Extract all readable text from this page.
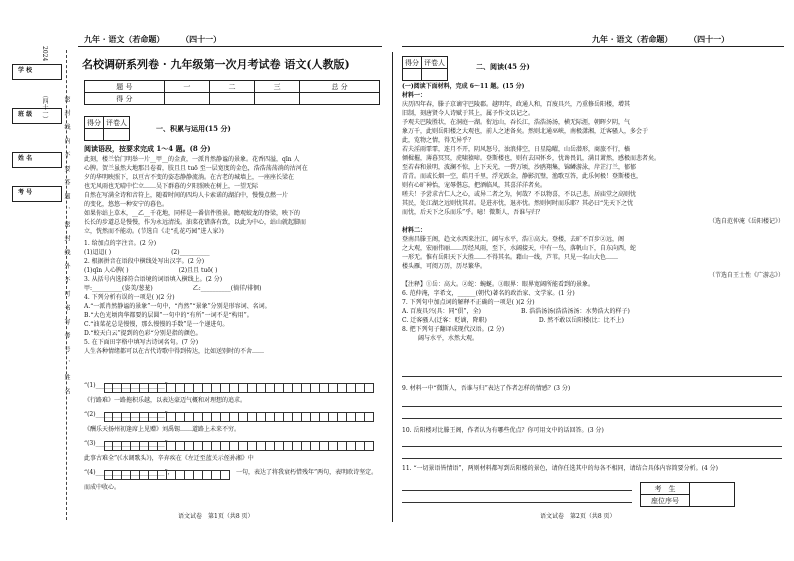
学 校
班 级
姓 名
考 号
2024
（四十一）	密 封 线 内 不 要 答 题 、 密 封 线 外 不 可 书 写 考 号 、 姓 名
九年 · 语文（若命题） （四十一）	九年 · 语文（若命题） （四十一）
名校调研系列卷 · 九年级第一次月考试卷 语文(人教版)
题 号	一	二	三	总 分
得 分				
得分	评卷人

一、积累与运用(15 分)
阅读语段，按要求完成 1～4 题。(8 分)
此刻，楼兰恰门明举一片__甲__的金黄，一派肖然静谧的景象。花香四溢，qīn 人
心脾。贺兰虽然大地那吕卷着，肢且且 tuō 至一层宽度的金色，浩浩荡荡淌的沽河在
夕的华明映照下，以亘古不变的姿态静静流淌。在古老的城墙上，一座座长梁在
也无风雨也无晴中伫立……吴下群暮的夕阳照映在树上，一望无际
自然在写满全诗和音符上，随着时间的四均人卡索诺的湖泊中，慢慢点燃一片
的变化，悠悠一种安宁的暮色。
如果你站上草木，__乙__千花地，同样是一番信件胜景。瞻观蛟龙的脊梁，映下的
长长的步道总是慢慢，作为永远清浅。油菜花错落有致，以此为中心，站山就起脚而
立，恍然而不能动。(节选自《走“孔花巧园”进人家》)
1. 给加点的字注音。(2 分)
(1)迢迢( )	(2)__________
2. 根据拼音在语段中横线处写出汉字。(2 分)
(1)qīn 人心脾( )	(2)且且 tuō( )
3. 从括号内选择符合语境的词语填入横线上。(2 分)
甲:__________(姿美/葱茏)	乙:__________(徜徉/徘徊)
4. 下列分析有误的一项是( )(2 分)
A.“一派肖然静谧的景象”一句中，“肖然”“景象”分别是形容词、名词。
B.“大色光顷肉华都要的层圆”一句中的“有所”一词不是“构用”。
C.“油菜花总是慢慢，那么慢慢的手数”是一个递进句。
D.“蛟天白云”提到的色彩“分别是指的颜色。
5. 在下面田字格中填写古诗词名句。(7 分)
人生各种情绪都可以在古代诗歌中得到传达，比如送别时的不舍……
“(1)_______________________”
《行路难》一路拖积乐越，以表达豪迈气概和对理想的追求。
“(2)_______________________”
《酬乐天扬州初逢席上见赠》刘禹锡……道路上未来不穷。
“(3)_______________________”
此事古难全”(《水调歌头》)，辛弃疾在《左迁至蓝关示侄孙湘》中
“(4)_______________________”，	一句，表达了将我衰朽惜残年”两句，表明欧诗坚定。
而成中收心。
语文试卷　第1页（共8 页）
得分	评卷人
		二、阅读(45 分)
(一)阅读下面材料，完成 6～11 题。(15 分)
材料一：
庆历四年春，滕子京谪守巴陵郡。越明年，政通人和，百废具兴，乃重修岳阳楼，增其
旧制，刻唐贤今人诗赋于其上，属予作文以记之。
予观夫巴陵胜状，在洞庭一湖。衔远山，吞长江，浩浩汤汤，横无际涯，朝晖夕阴，气
象万千，此则岳阳楼之大观也，前人之述备矣。然则北通巫峡，南极潇湘，迁客骚人，多会于
此，览物之情，得无异乎？
若夫淫雨霏霏，连月不开，阴风怒号，浊浪排空，日星隐曜，山岳潜形，商旅不行，樯
倾楫摧，薄暮冥冥，虎啸猿啼。登斯楼也，则有去国怀乡，忧谗畏讥，满目萧然，感极而悲者矣。
至若春和景明，波澜不惊，上下天光，一碧万顷，沙鸥翔集，锦鳞游泳，岸芷汀兰，郁郁
青青。而或长烟一空，皓月千里，浮光跃金，静影沉璧，渔歌互答，此乐何极！登斯楼也，
则有心旷神怡，宠辱偕忘，把酒临风，其喜洋洋者矣。
嗟夫！予尝求古仁人之心，或异二者之为，何哉？不以物喜，不以己悲，居庙堂之高则忧
其民，处江湖之远则忧其君。是进亦忧，退亦忧。然则何时而乐耶？其必曰“先天下之忧
而忧，后天下之乐而乐”乎。噫！微斯人，吾谁与归？
（选自范仲淹《岳阳楼记》）
材料二：
登南昌滕王阁，趋文水西来注江，阔与水平，浩①高大。登楼，去旷不百步②远，阁
之大观，宏丽伟丽……历经风雨，至下，水阔接天，中有一鸟，落帆山下，自东向西，蛇
一形无。惟有岳阳天下大胜……不得其名。藉山一线，芦苇。只见一名山大色……
楼头雁，可阅万历，历尽繁华。
（节选自王士性《广游志》）
【注释】①岳：高大。②蛇：蜿蜒。③眼界：眼界宽阔所能看到的景象。
6. 范仲淹，字希文，______(朝代)著名的政治家、文学家。(1 分)
7. 下列句中加点词的解释不正确的一项是( )(2 分)
A. 百废具兴(具：同“俱”，全)	B. 浩浩汤汤(浩浩汤汤：水势浩大的样子)
C. 迁客骚人(迁客：贬谪，降职)	D. 然不敢以岳阳楼(比：比不上)
8. 把下列句子翻译成现代汉语。(2 分)
阔与水平，水然大观。
9. 材料一中“微斯人，吾谁与归”表达了作者怎样的情感？(3 分)
10. 岳阳楼对比滕王阁，作者认为有哪些优点？你可用文中的话回答。(3 分)
11. “一切景语皆情语”，两则材料都写到岳阳楼的景色，请你任选其中的每各不相同，请结合具体内容简要分析。(4 分)
考　生	
座位序号
语文试卷　第2页（共8 页）
